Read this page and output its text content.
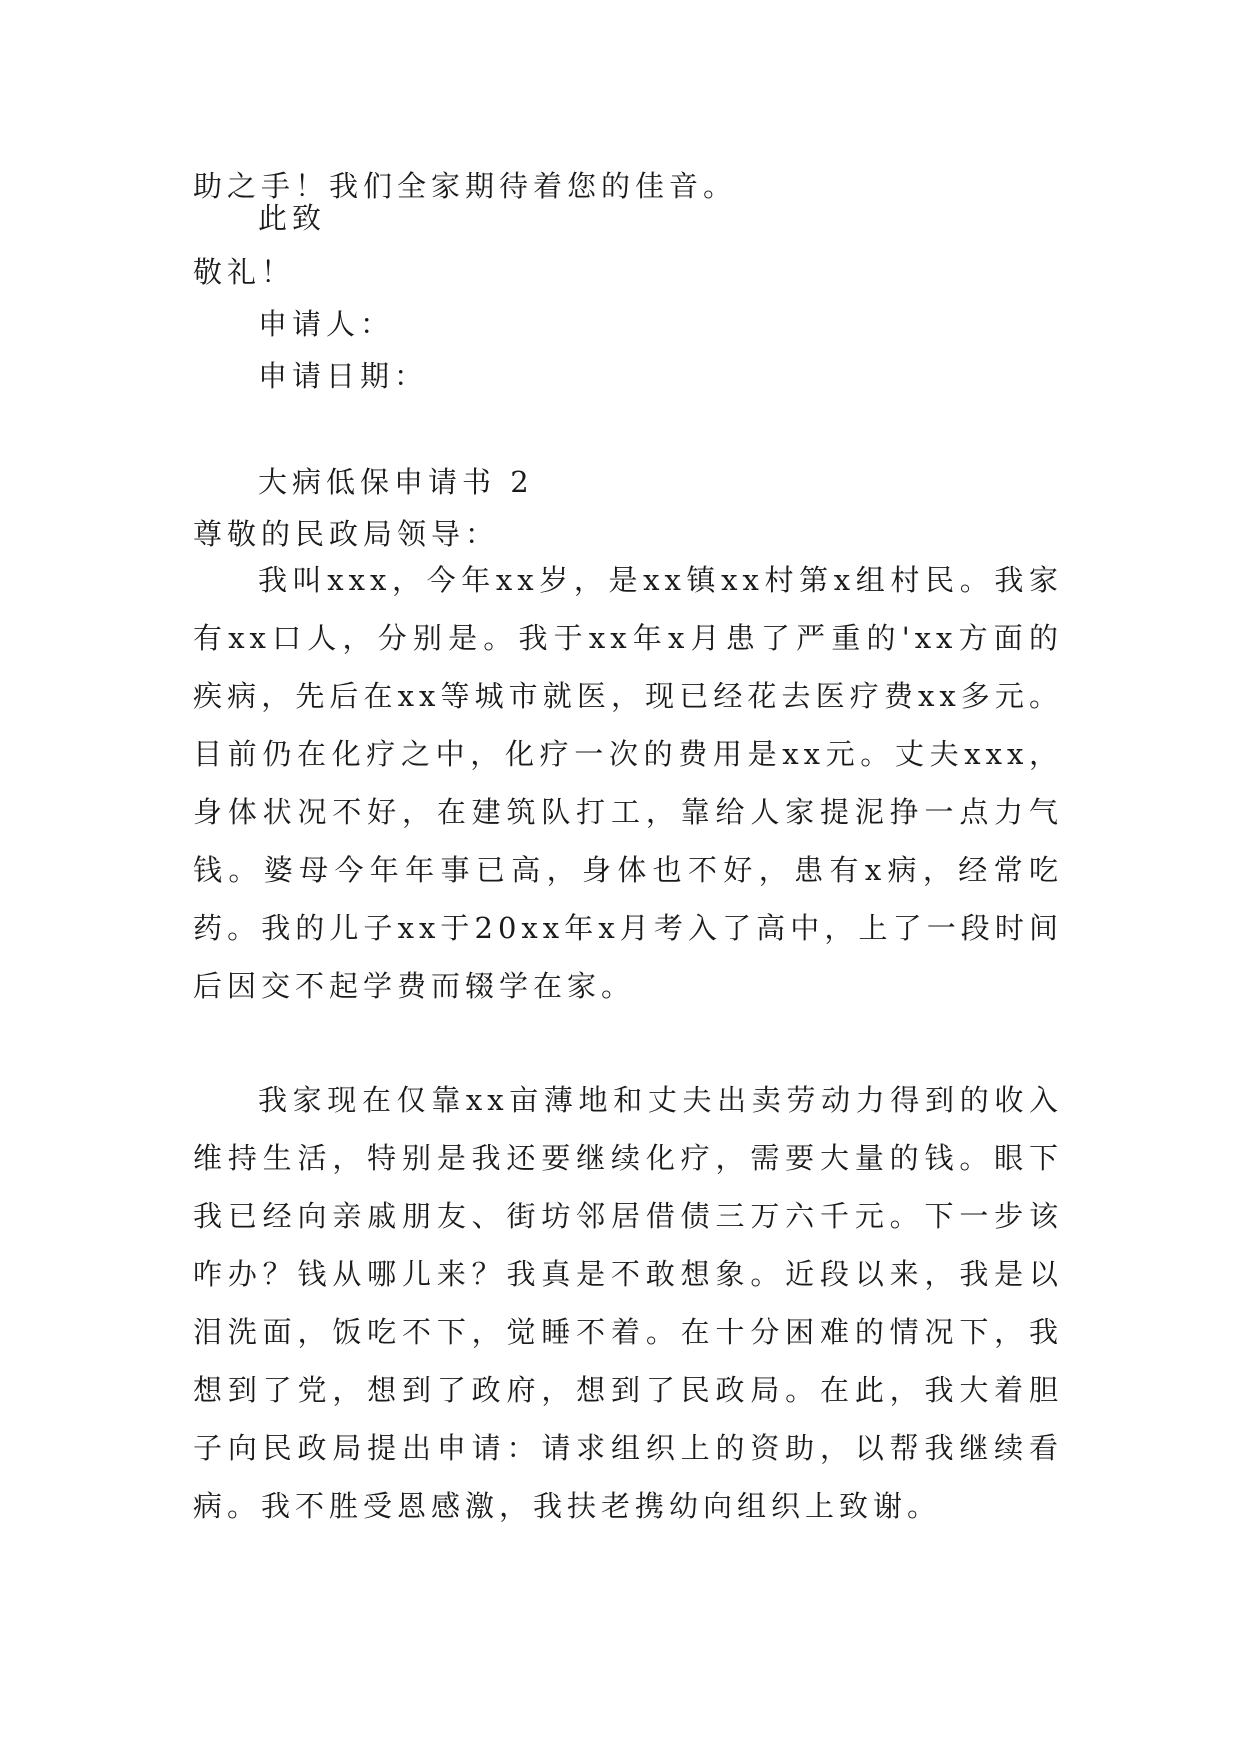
助之手！我们全家期待着您的佳音。
此致
敬礼！
申请人：
申请日期：
大病低保申请书 2
尊敬的民政局领导：
我叫xxx，今年xx岁，是xx镇xx村第x组村民。我家有xx口人，分别是。我于xx年x月患了严重的'xx方面的疾病，先后在xx等城市就医，现已经花去医疗费xx多元。目前仍在化疗之中，化疗一次的费用是xx元。丈夫xxx，身体状况不好，在建筑队打工，靠给人家提泥挣一点力气钱。婆母今年年事已高，身体也不好，患有x病，经常吃药。我的儿子xx于20xx年x月考入了高中，上了一段时间后因交不起学费而辍学在家。
我家现在仅靠xx亩薄地和丈夫出卖劳动力得到的收入维持生活，特别是我还要继续化疗，需要大量的钱。眼下我已经向亲戚朋友、街坊邻居借债三万六千元。下一步该咋办？钱从哪儿来？我真是不敢想象。近段以来，我是以泪洗面，饭吃不下，觉睡不着。在十分困难的情况下，我想到了党，想到了政府，想到了民政局。在此，我大着胆子向民政局提出申请：请求组织上的资助，以帮我继续看病。我不胜受恩感激，我扶老携幼向组织上致谢。
